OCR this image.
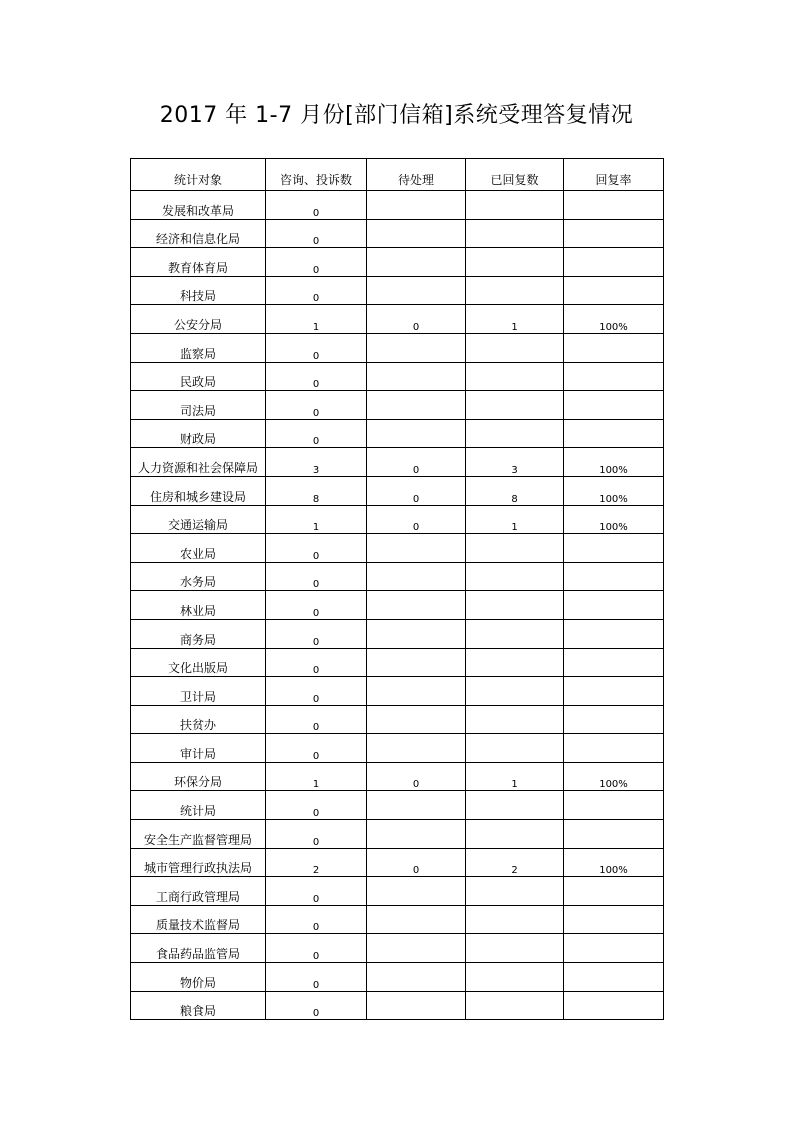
2017 年 1-7 月份[部门信箱]系统受理答复情况
统计对象	咨询、投诉数	待处理	已回复数	回复率
发展和改革局	0			
经济和信息化局	0			
教育体育局	0			
科技局	0			
公安分局	1	0	1	100%
监察局	0			
民政局	0			
司法局	0			
财政局	0			
人力资源和社会保障局	3	0	3	100%
住房和城乡建设局	8	0	8	100%
交通运输局	1	0	1	100%
农业局	0			
水务局	0			
林业局	0			
商务局	0			
文化出版局	0			
卫计局	0			
扶贫办	0			
审计局	0			
环保分局	1	0	1	100%
统计局	0			
安全生产监督管理局	0			
城市管理行政执法局	2	0	2	100%
工商行政管理局	0			
质量技术监督局	0			
食品药品监管局	0			
物价局	0			
粮食局	0			
